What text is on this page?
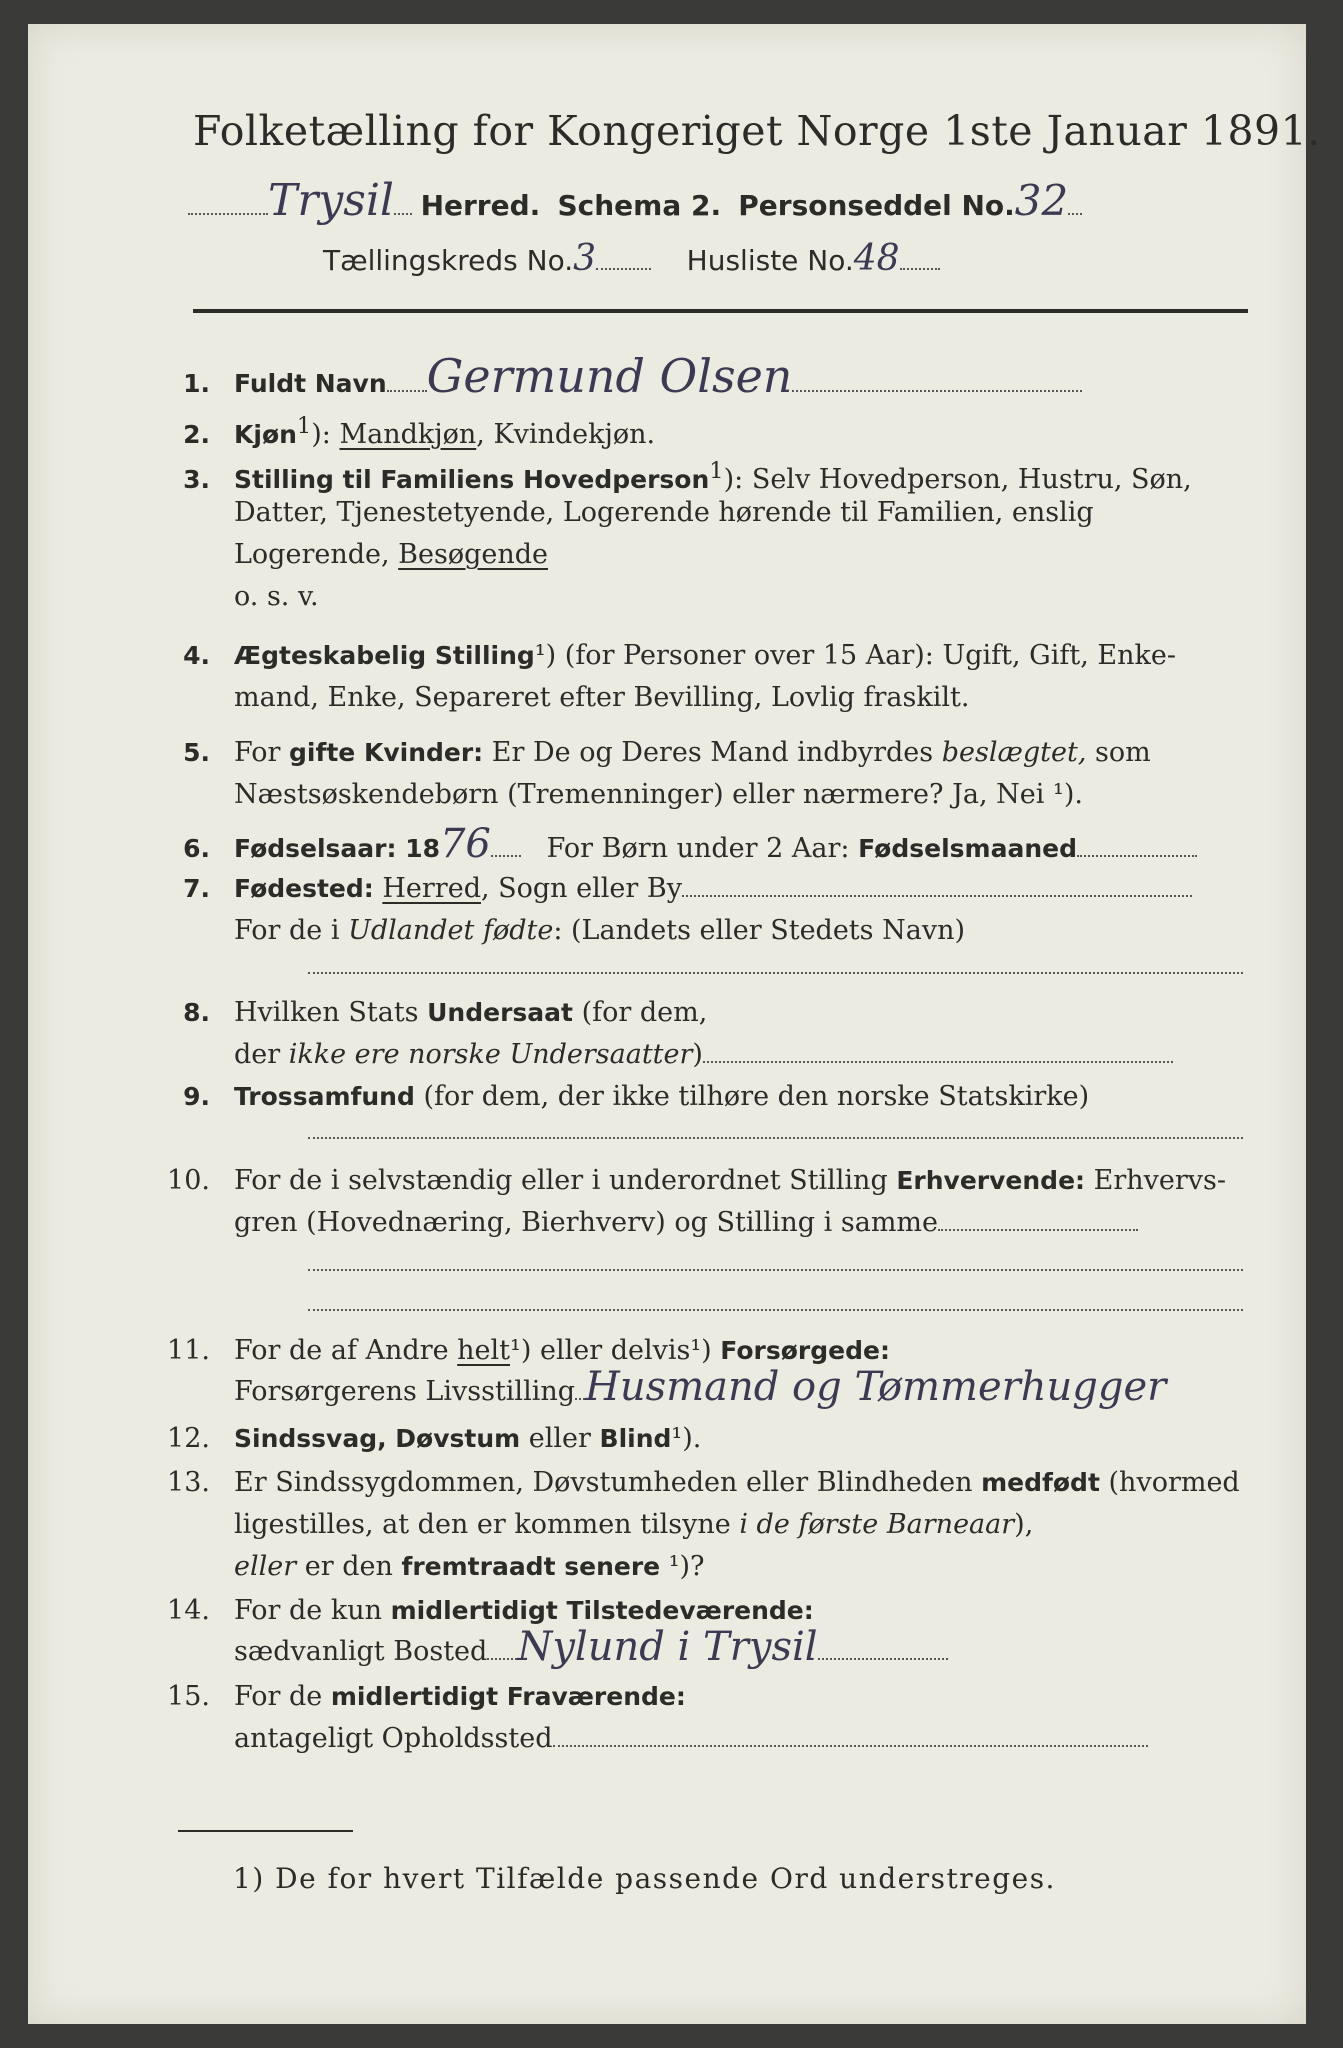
Folketælling for Kongeriget Norge 1ste Januar 1891.
Trysil Herred. Schema 2. Personseddel No.32
Tællingskreds No.3	Husliste No.48
1. Fuldt Navn Germund Olsen
2. Kjøn$^1$): Mandkjøn, Kvindekjøn.
3. Stilling til Familiens Hovedperson$^1$): Selv Hovedperson, Hustru, Søn,
Datter, Tjenestetyende, Logerende hørende til Familien, enslig
Logerende, Besøgende
o. s. v.
4. Ægteskabelig Stilling¹) (for Personer over 15 Aar): Ugift, Gift, Enke-
mand, Enke, Separeret efter Bevilling, Lovlig fraskilt.
5. For gifte Kvinder: Er De og Deres Mand indbyrdes beslægtet, som
Næstsøskendebørn (Tremenninger) eller nærmere? Ja, Nei ¹).
6. Fødselsaar: 1876 For Børn under 2 Aar: Fødselsmaaned
7. Fødested: Herred, Sogn eller By
For de i Udlandet fødte: (Landets eller Stedets Navn)
8. Hvilken Stats Undersaat (for dem,
der ikke ere norske Undersaatter)
9. Trossamfund (for dem, der ikke tilhøre den norske Statskirke)
10. For de i selvstændig eller i underordnet Stilling Erhvervende: Erhvervs-
gren (Hovednæring, Bierhverv) og Stilling i samme
11. For de af Andre helt¹) eller delvis¹) Forsørgede:
Forsørgerens Livsstilling Husmand og Tømmerhugger
12. Sindssvag, Døvstum eller Blind¹).
13. Er Sindssygdommen, Døvstumheden eller Blindheden medfødt (hvormed
ligestilles, at den er kommen tilsyne i de første Barneaar),
eller er den fremtraadt senere ¹)?
14. For de kun midlertidigt Tilstedeværende:
sædvanligt Bosted Nylund i Trysil
15. For de midlertidigt Fraværende:
antageligt Opholdssted
1) De for hvert Tilfælde passende Ord understreges.
